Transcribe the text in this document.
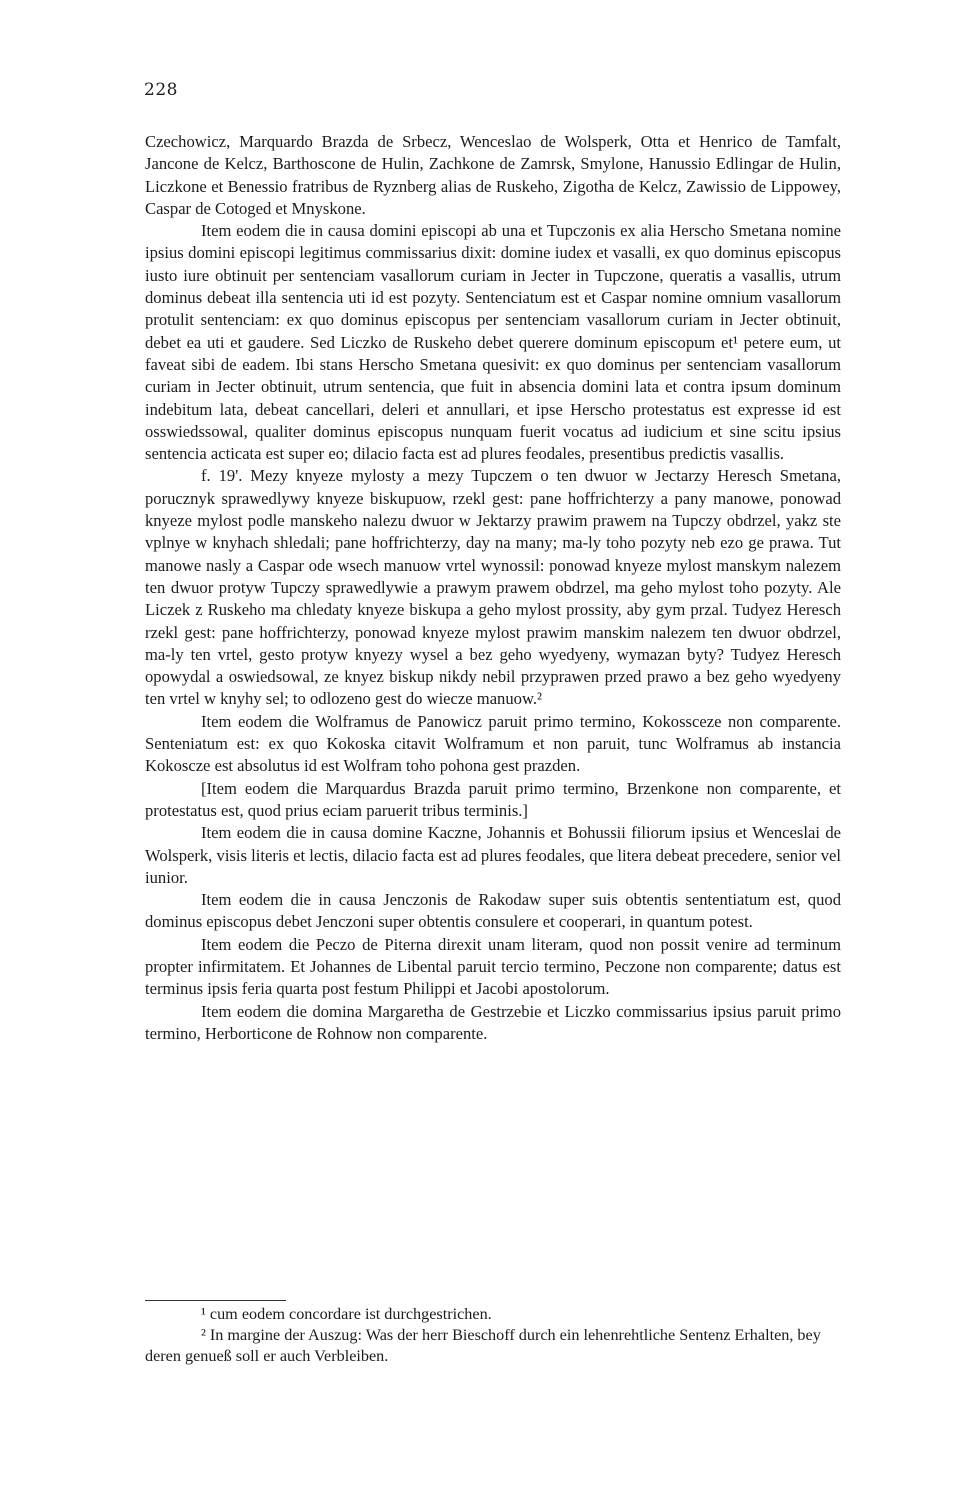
228

Czechowicz, Marquardo Brazda de Srbecz, Wenceslao de Wolsperk, Otta et Henrico de Tamfalt, Jancone de Kelcz, Barthoscone de Hulin, Zachkone de Zamrsk, Smylone, Hanussio Edlingar de Hulin, Liczkone et Benessio fratribus de Ryznberg alias de Ruskeho, Zigotha de Kelcz, Zawissio de Lippowey, Caspar de Cotoged et Mnyskone.

Item eodem die in causa domini episcopi ab una et Tupczonis ex alia Herscho Smetana nomine ipsius domini episcopi legitimus commissarius dixit: domine iudex et vasalli, ex quo dominus episcopus iusto iure obtinuit per sentenciam vasallorum curiam in Jecter in Tupczone, queratis a vasallis, utrum dominus debeat illa sentencia uti id est pozyty. Sentenciatum est et Caspar nomine omnium vasallorum protulit sentenciam: ex quo dominus episcopus per sentenciam vasallorum curiam in Jecter obtinuit, debet ea uti et gaudere. Sed Liczko de Ruskeho debet querere dominum episcopum et¹ petere eum, ut faveat sibi de eadem. Ibi stans Herscho Smetana quesivit: ex quo dominus per sentenciam vasallorum curiam in Jecter obtinuit, utrum sentencia, que fuit in absencia domini lata et contra ipsum dominum indebitum lata, debeat cancellari, deleri et annullari, et ipse Herscho protestatus est expresse id est osswiedssowal, qualiter dominus episcopus nunquam fuerit vocatus ad iudicium et sine scitu ipsius sentencia acticata est super eo; dilacio facta est ad plures feodales, presentibus predictis vasallis.

f. 19'. Mezy knyeze mylosty a mezy Tupczem o ten dwuor w Jectarzy Heresch Smetana, porucznyk sprawedlywy knyeze biskupuow, rzekl gest: pane hoffrichterzy a pany manowe, ponowad knyeze mylost podle manskeho nalezu dwuor w Jektarzy prawim prawem na Tupczy obdrzel, yakz ste vplnye w knyhach shledali; pane hoffrichterzy, day na many; ma-ly toho pozyty neb ezo ge prawa. Tut manowe nasly a Caspar ode wsech manuow vrtel wynossil: ponowad knyeze mylost manskym nalezem ten dwuor protyw Tupczy sprawedlywie a prawym prawem obdrzel, ma geho mylost toho pozyty. Ale Liczek z Ruskeho ma chledaty knyeze biskupa a geho mylost prossity, aby gym przal. Tudyez Heresch rzekl gest: pane hoffrichterzy, ponowad knyeze mylost prawim manskim nalezem ten dwuor obdrzel, ma-ly ten vrtel, gesto protyw knyezy wysel a bez geho wyedyeny, wymazan byty? Tudyez Heresch opowydal a oswiedsowal, ze knyez biskup nikdy nebil przyprawen przed prawo a bez geho wyedyeny ten vrtel w knyhy sel; to odlozeno gest do wiecze manuow.²

Item eodem die Wolframus de Panowicz paruit primo termino, Kokossceze non comparente. Senteniatum est: ex quo Kokoska citavit Wolframum et non paruit, tunc Wolframus ab instancia Kokoscze est absolutus id est Wolfram toho pohona gest prazden.

[Item eodem die Marquardus Brazda paruit primo termino, Brzenkone non comparente, et protestatus est, quod prius eciam paruerit tribus terminis.]

Item eodem die in causa domine Kaczne, Johannis et Bohussii filiorum ipsius et Wenceslai de Wolsperk, visis literis et lectis, dilacio facta est ad plures feodales, que litera debeat precedere, senior vel iunior.

Item eodem die in causa Jenczonis de Rakodaw super suis obtentis sententiatum est, quod dominus episcopus debet Jenczoni super obtentis consulere et cooperari, in quantum potest.

Item eodem die Peczo de Piterna direxit unam literam, quod non possit venire ad terminum propter infirmitatem. Et Johannes de Libental paruit tercio termino, Peczone non comparente; datus est terminus ipsis feria quarta post festum Philippi et Jacobi apostolorum.

Item eodem die domina Margaretha de Gestrzebie et Liczko commissarius ipsius paruit primo termino, Herborticone de Rohnow non comparente.

¹ cum eodem concordare ist durchgestrichen.

² In margine der Auszug: Was der herr Bieschoff durch ein lehenrehtliche Sentenz Erhalten, bey deren genueß soll er auch Verbleiben.
